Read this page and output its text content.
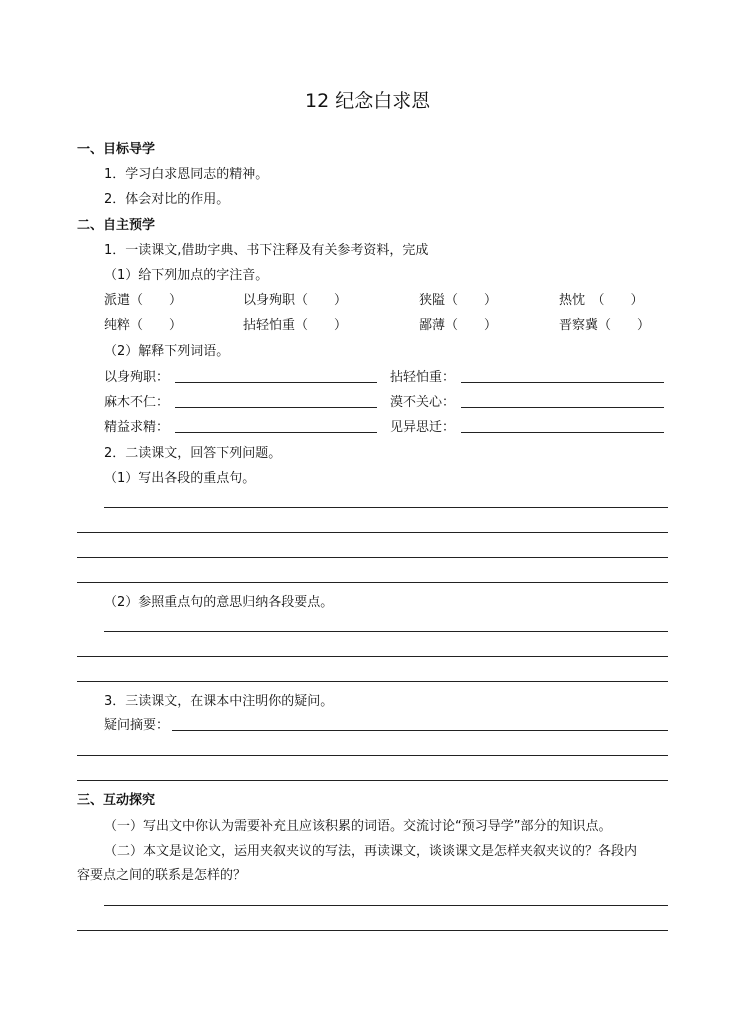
12 纪念白求恩
一、目标导学
1．学习白求恩同志的精神。
2．体会对比的作用。
二、自主预学
1．一读课文,借助字典、书下注释及有关参考资料，完成
（1）给下列加点的字注音。
派遣（　　）	以身殉职（　　）	狭隘（　　）	热忱　（　　）
纯粹（　　）	拈轻怕重（　　）	鄙薄（　　）	晋察冀（　　）
（2）解释下列词语。
以身殉职：	拈轻怕重：
麻木不仁：	漠不关心：
精益求精：	见异思迁：
2．二读课文，回答下列问题。
（1）写出各段的重点句。
（2）参照重点句的意思归纳各段要点。
3．三读课文，在课本中注明你的疑问。
疑问摘要：
三、互动探究
（一）写出文中你认为需要补充且应该积累的词语。交流讨论“预习导学”部分的知识点。
（二）本文是议论文，运用夹叙夹议的写法，再读课文，谈谈课文是怎样夹叙夹议的？各段内
容要点之间的联系是怎样的？
